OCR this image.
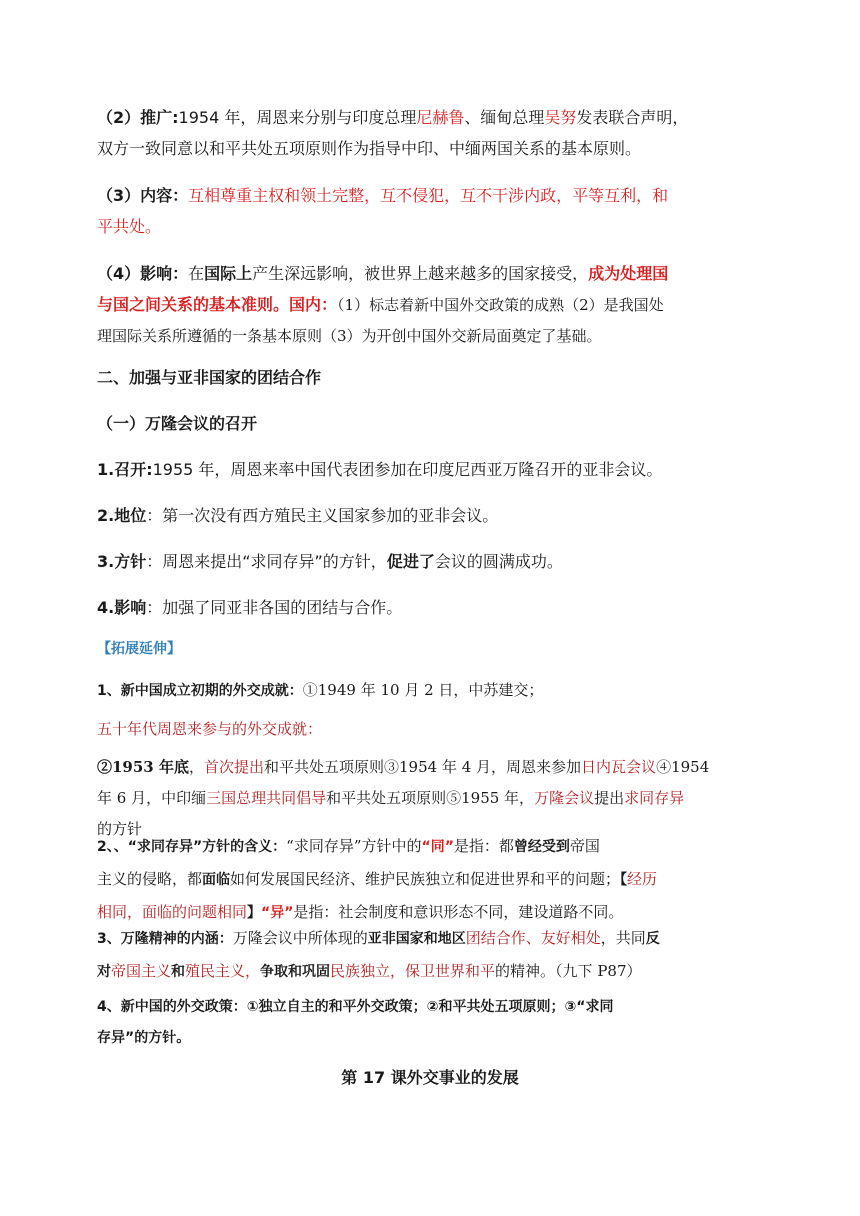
（2）推广:1954 年，周恩来分别与印度总理尼赫鲁、缅甸总理吴努发表联合声明，
双方一致同意以和平共处五项原则作为指导中印、中缅两国关系的基本原则。
（3）内容：互相尊重主权和领土完整，互不侵犯，互不干涉内政，平等互利，和
平共处。
（4）影响：在国际上产生深远影响，被世界上越来越多的国家接受，成为处理国
与国之间关系的基本准则。国内：（1）标志着新中国外交政策的成熟（2）是我国处
理国际关系所遵循的一条基本原则（3）为开创中国外交新局面奠定了基础。
二、加强与亚非国家的团结合作
（一）万隆会议的召开
1.召开:1955 年，周恩来率中国代表团参加在印度尼西亚万隆召开的亚非会议。
2.地位：第一次没有西方殖民主义国家参加的亚非会议。
3.方针：周恩来提出“求同存异”的方针，促进了会议的圆满成功。
4.影响：加强了同亚非各国的团结与合作。
【拓展延伸】
1、新中国成立初期的外交成就：①1949 年 10 月 2 日，中苏建交；
五十年代周恩来参与的外交成就：
②1953 年底，首次提出和平共处五项原则③1954 年 4 月，周恩来参加日内瓦会议④1954
年 6 月，中印缅三国总理共同倡导和平共处五项原则⑤1955 年，万隆会议提出求同存异
的方针
2、、“求同存异”方针的含义：“求同存异”方针中的“同”是指：都曾经受到帝国
主义的侵略，都面临如何发展国民经济、维护民族独立和促进世界和平的问题；【经历
相同，面临的问题相同】“异”是指：社会制度和意识形态不同，建设道路不同。
3、万隆精神的内涵：万隆会议中所体现的亚非国家和地区团结合作、友好相处，共同反
对帝国主义和殖民主义，争取和巩固民族独立，保卫世界和平的精神。（九下 P87）
4、新中国的外交政策：①独立自主的和平外交政策；②和平共处五项原则；③“求同
存异”的方针。
第 17 课外交事业的发展
